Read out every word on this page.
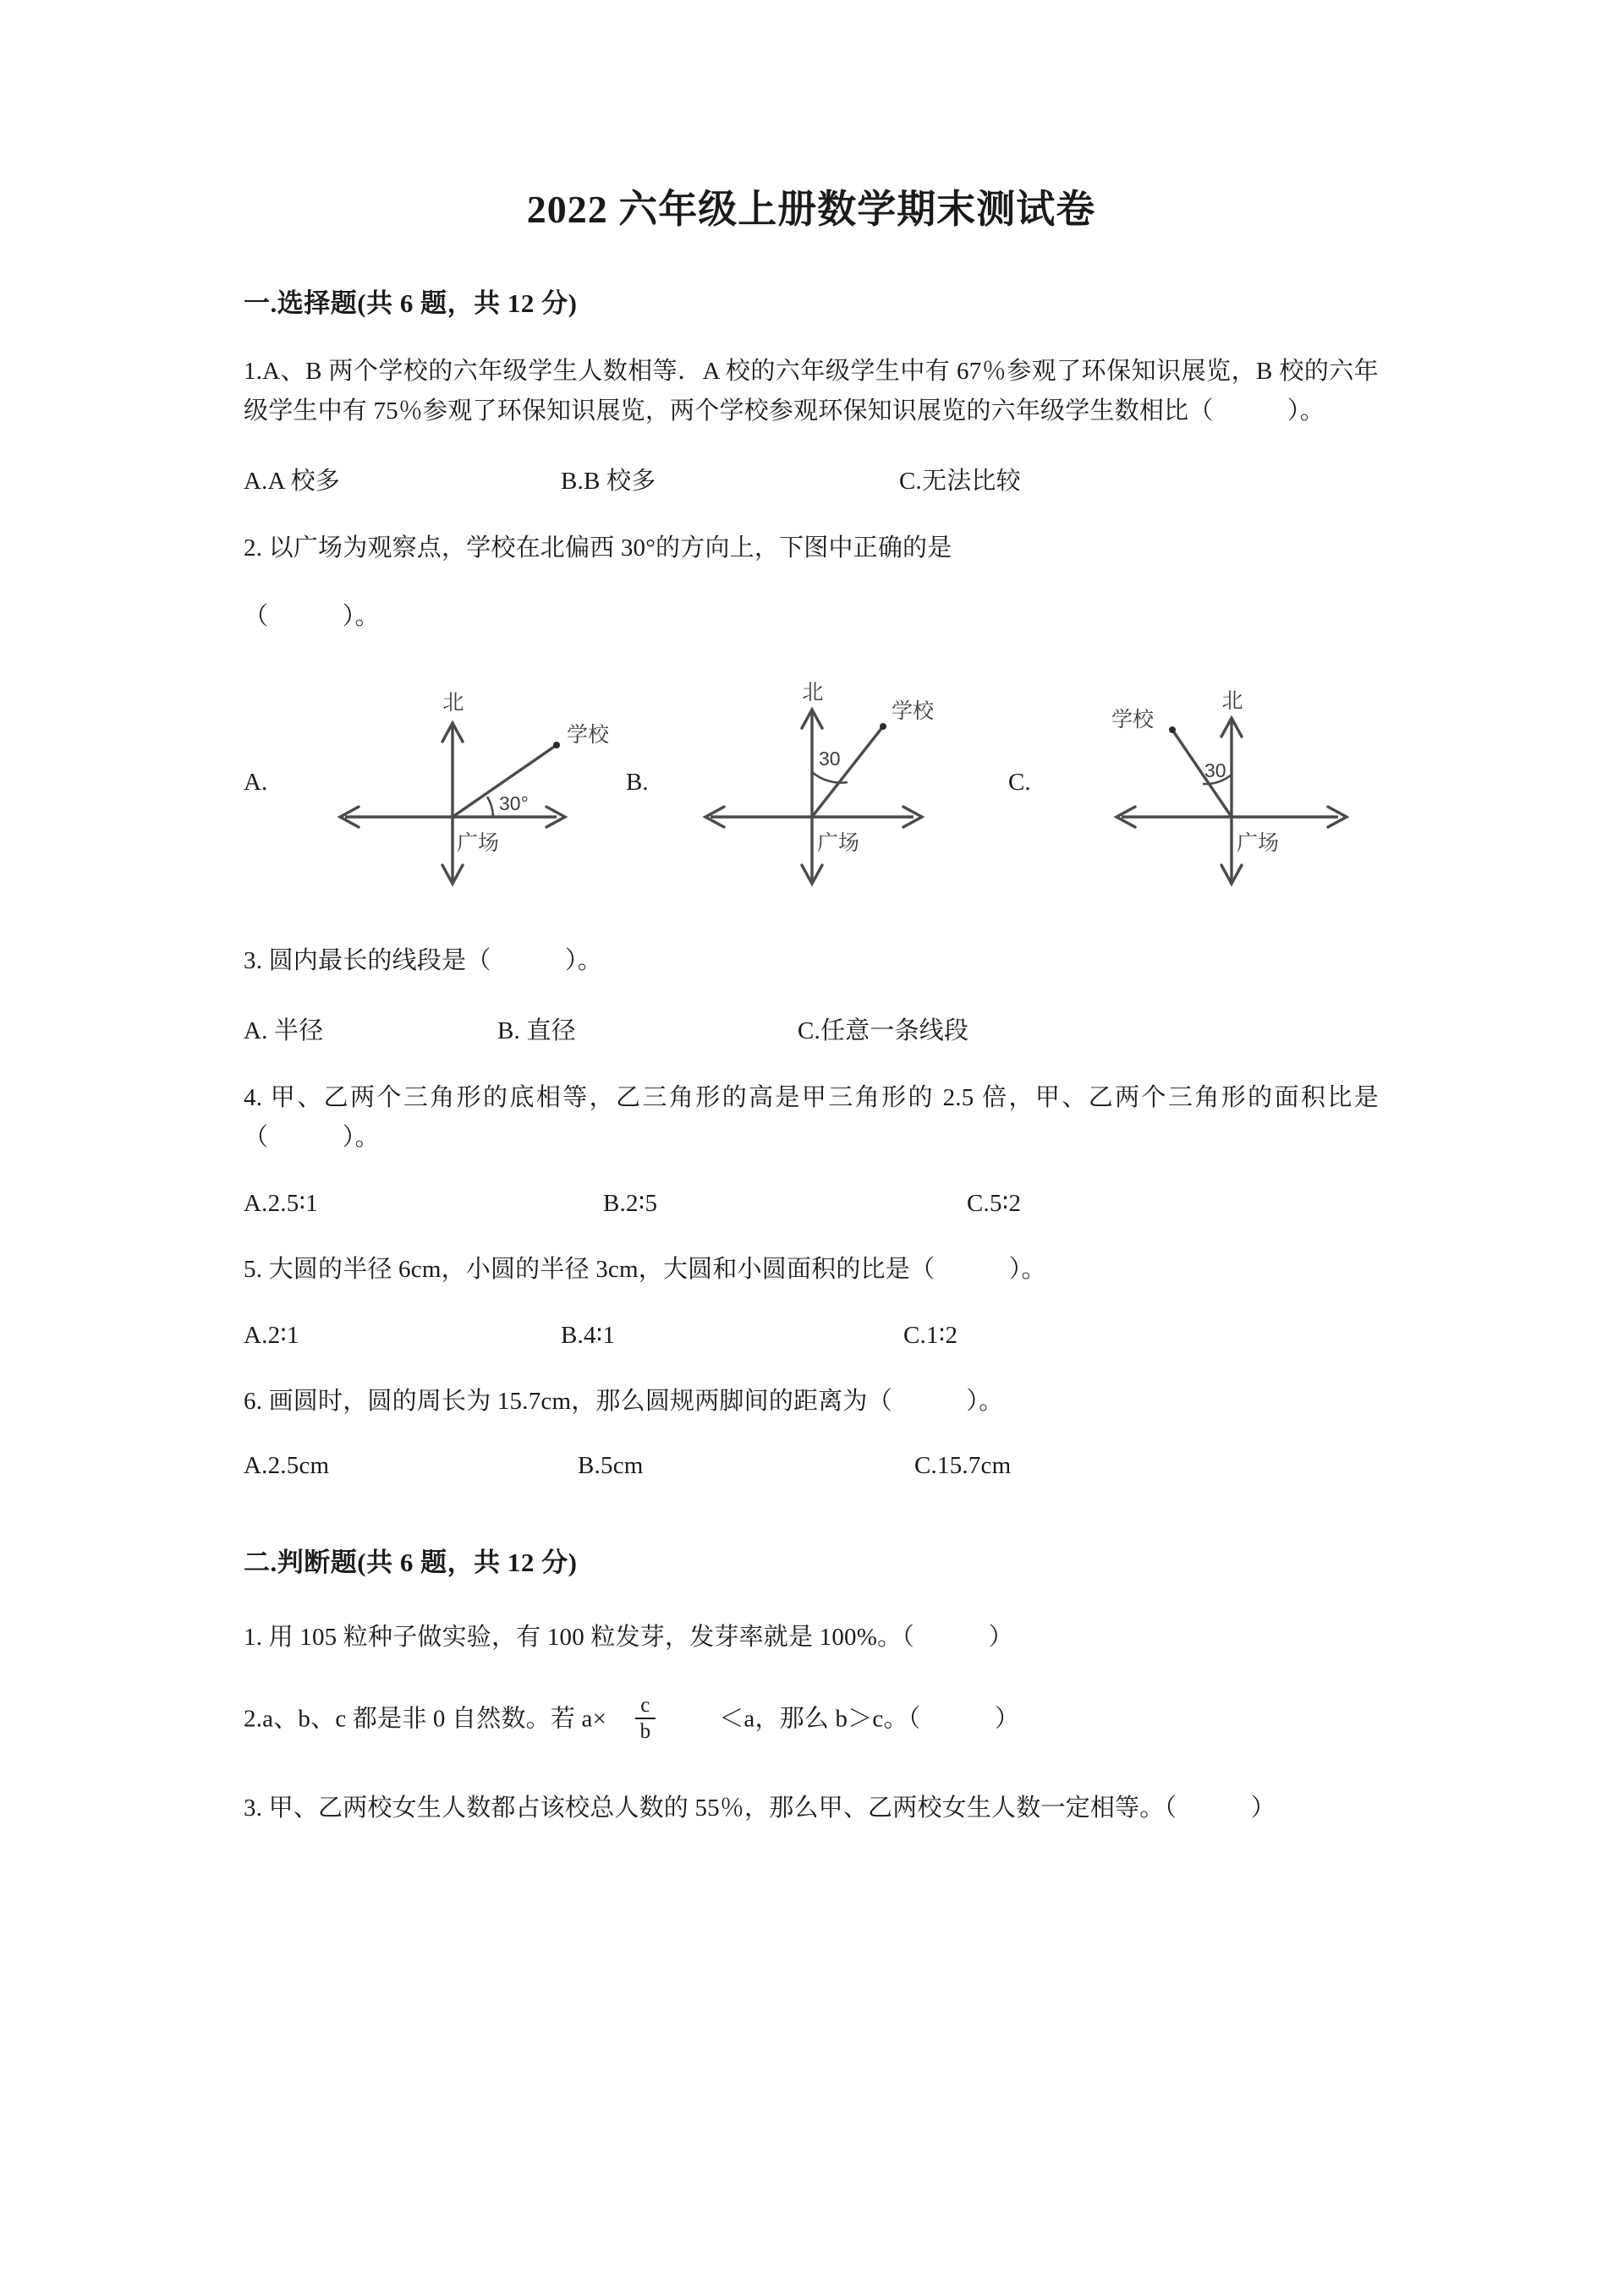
2022 六年级上册数学期末测试卷
一.选择题(共 6 题，共 12 分)
1.A、B 两个学校的六年级学生人数相等．A 校的六年级学生中有 67％参观了环保知识展览，B 校的六年级学生中有 75％参观了环保知识展览，两个学校参观环保知识展览的六年级学生数相比（　　　）。
A.A 校多	B.B 校多	C.无法比较
2. 以广场为观察点，学校在北偏西 30°的方向上，下图中正确的是
（　　　）。
A.
北
学校
广场
30°
B.
北
学校
广场
30
C.
北
学校
广场
30
3. 圆内最长的线段是（　　　）。
A. 半径	B. 直径	C.任意一条线段
4. 甲、乙两个三角形的底相等，乙三角形的高是甲三角形的 2.5 倍，甲、乙两个三角形的面积比是（　　　）。
A.2.5∶1	B.2∶5	C.5∶2
5. 大圆的半径 6cm，小圆的半径 3cm，大圆和小圆面积的比是（　　　）。
A.2∶1	B.4∶1	C.1∶2
6. 画圆时，圆的周长为 15.7cm，那么圆规两脚间的距离为（　　　）。
A.2.5cm	B.5cm	C.15.7cm
二.判断题(共 6 题，共 12 分)
1. 用 105 粒种子做实验，有 100 粒发芽，发芽率就是 100%。（　　　）
2.a、b、c 都是非 0 自然数。若 $a\times \frac{c}{b}$	＜a，那么 b＞c。（　　　）
3. 甲、乙两校女生人数都占该校总人数的 55％，那么甲、乙两校女生人数一定相等。（　　　）
